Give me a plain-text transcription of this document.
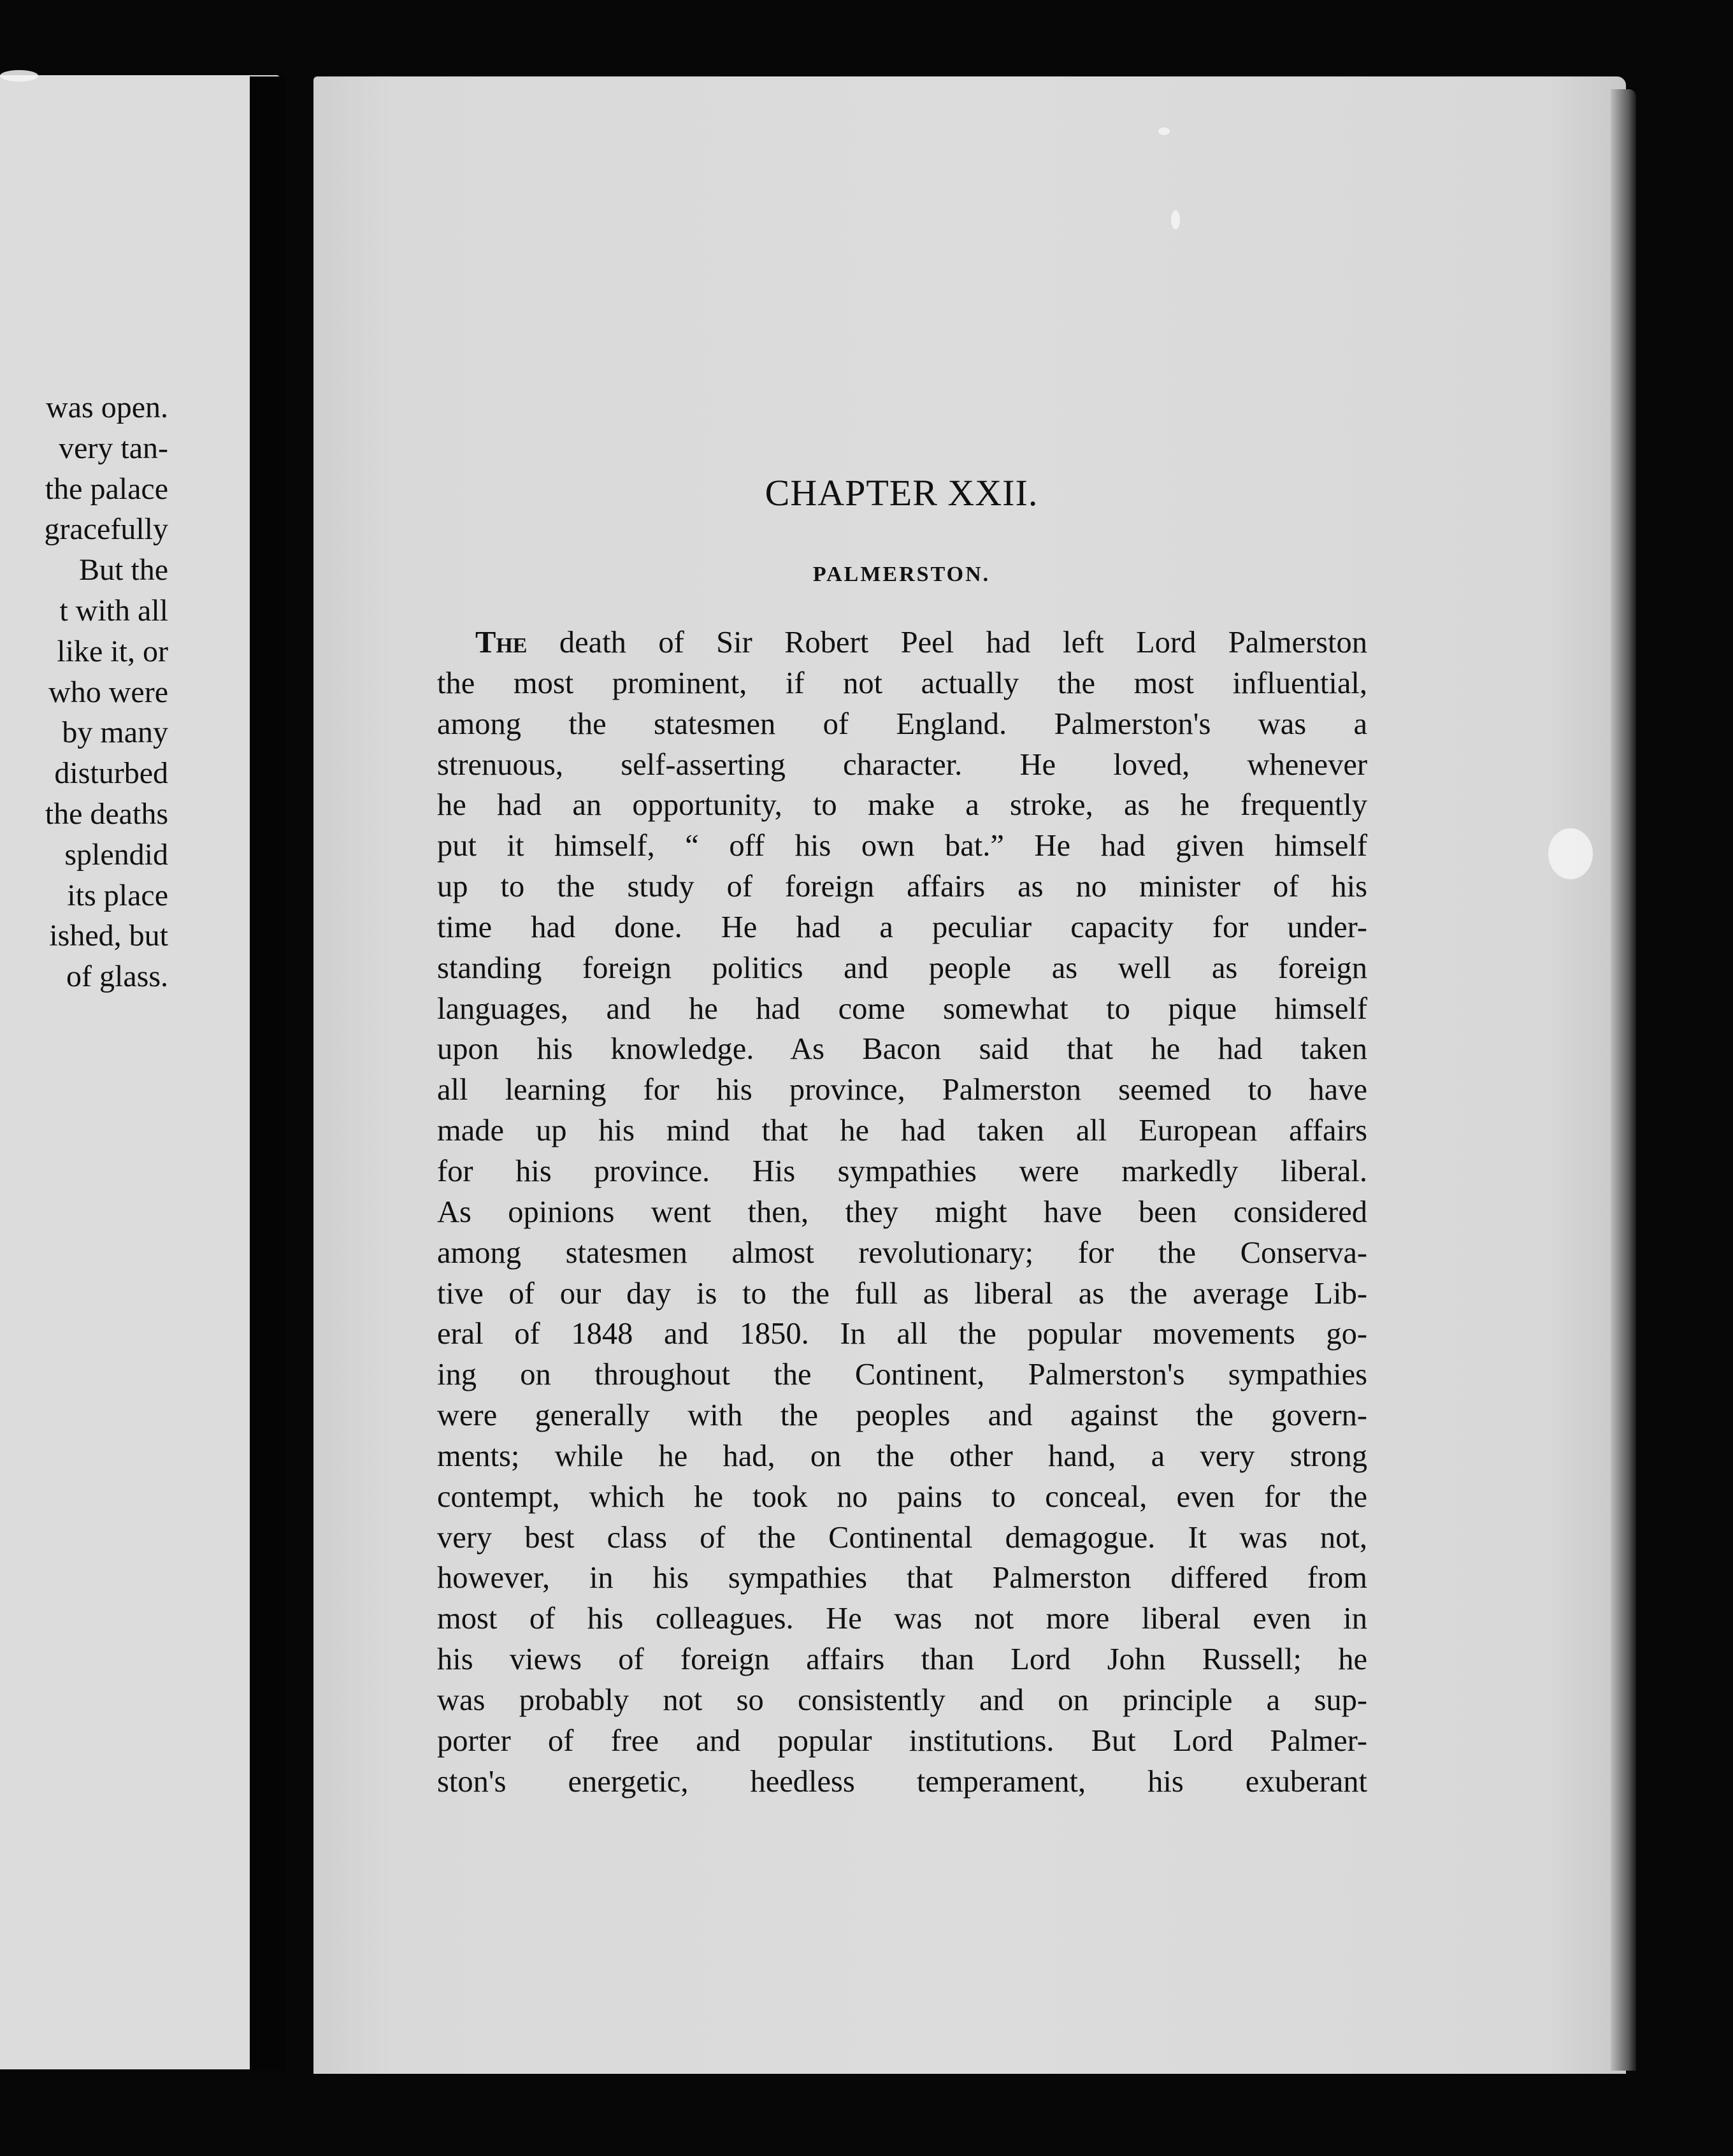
was open.
very tan-
the palace
gracefully
But the
t with all
like it, or
who were
by many
disturbed
the deaths
splendid
its place
ished, but
of glass.
CHAPTER XXII.
PALMERSTON.
The death of Sir Robert Peel had left Lord Palmerston
the most prominent, if not actually the most influential,
among the statesmen of England. Palmerston's was a
strenuous, self-asserting character. He loved, whenever
he had an opportunity, to make a stroke, as he frequently
put it himself, “ off his own bat.” He had given himself
up to the study of foreign affairs as no minister of his
time had done. He had a peculiar capacity for under-
standing foreign politics and people as well as foreign
languages, and he had come somewhat to pique himself
upon his knowledge. As Bacon said that he had taken
all learning for his province, Palmerston seemed to have
made up his mind that he had taken all European affairs
for his province. His sympathies were markedly liberal.
As opinions went then, they might have been considered
among statesmen almost revolutionary; for the Conserva-
tive of our day is to the full as liberal as the average Lib-
eral of 1848 and 1850. In all the popular movements go-
ing on throughout the Continent, Palmerston's sympathies
were generally with the peoples and against the govern-
ments; while he had, on the other hand, a very strong
contempt, which he took no pains to conceal, even for the
very best class of the Continental demagogue. It was not,
however, in his sympathies that Palmerston differed from
most of his colleagues. He was not more liberal even in
his views of foreign affairs than Lord John Russell; he
was probably not so consistently and on principle a sup-
porter of free and popular institutions. But Lord Palmer-
ston's energetic, heedless temperament, his exuberant
